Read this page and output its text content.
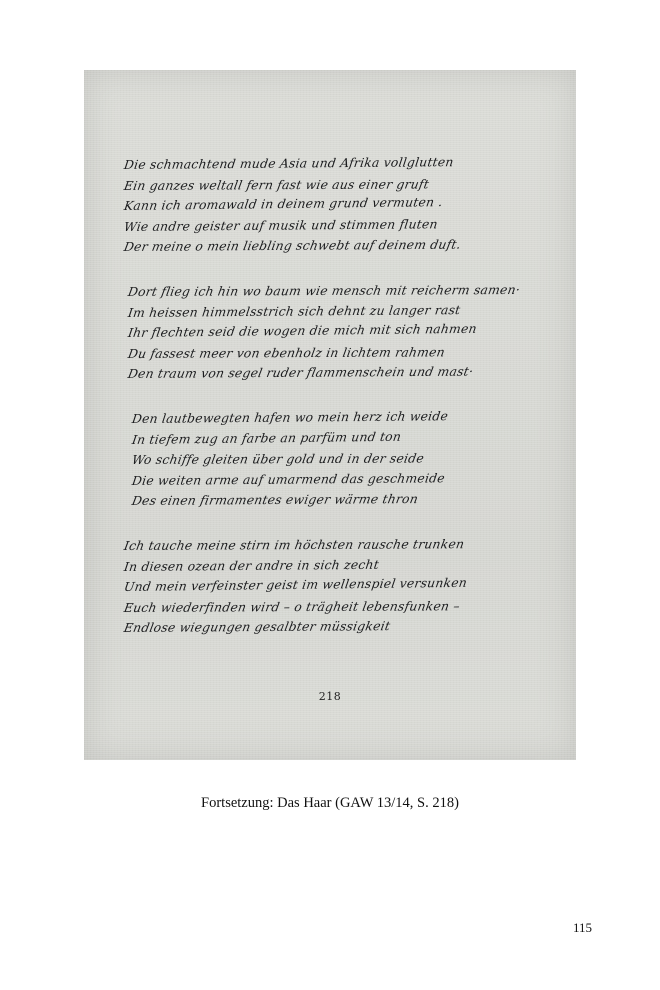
Die schmachtend mude Asia und Afrika vollglutten
Ein ganzes weltall fern fast wie aus einer gruft
Kann ich aromawald in deinem grund vermuten .
Wie andre geister auf musik und stimmen fluten
Der meine o mein liebling schwebt auf deinem duft.
Dort flieg ich hin wo baum wie mensch mit reicherm samen·
Im heissen himmelsstrich sich dehnt zu langer rast
Ihr flechten seid die wogen die mich mit sich nahmen
Du fassest meer von ebenholz in lichtem rahmen
Den traum von segel ruder flammenschein und mast·
Den lautbewegten hafen wo mein herz ich weide
In tiefem zug an farbe an parfüm und ton
Wo schiffe gleiten über gold und in der seide
Die weiten arme auf umarmend das geschmeide
Des einen firmamentes ewiger wärme thron
Ich tauche meine stirn im höchsten rausche trunken
In diesen ozean der andre in sich zecht
Und mein verfeinster geist im wellenspiel versunken
Euch wiederfinden wird – o trägheit lebensfunken –
Endlose wiegungen gesalbter müssigkeit
218
Fortsetzung: Das Haar (GAW 13/14, S. 218)
115
